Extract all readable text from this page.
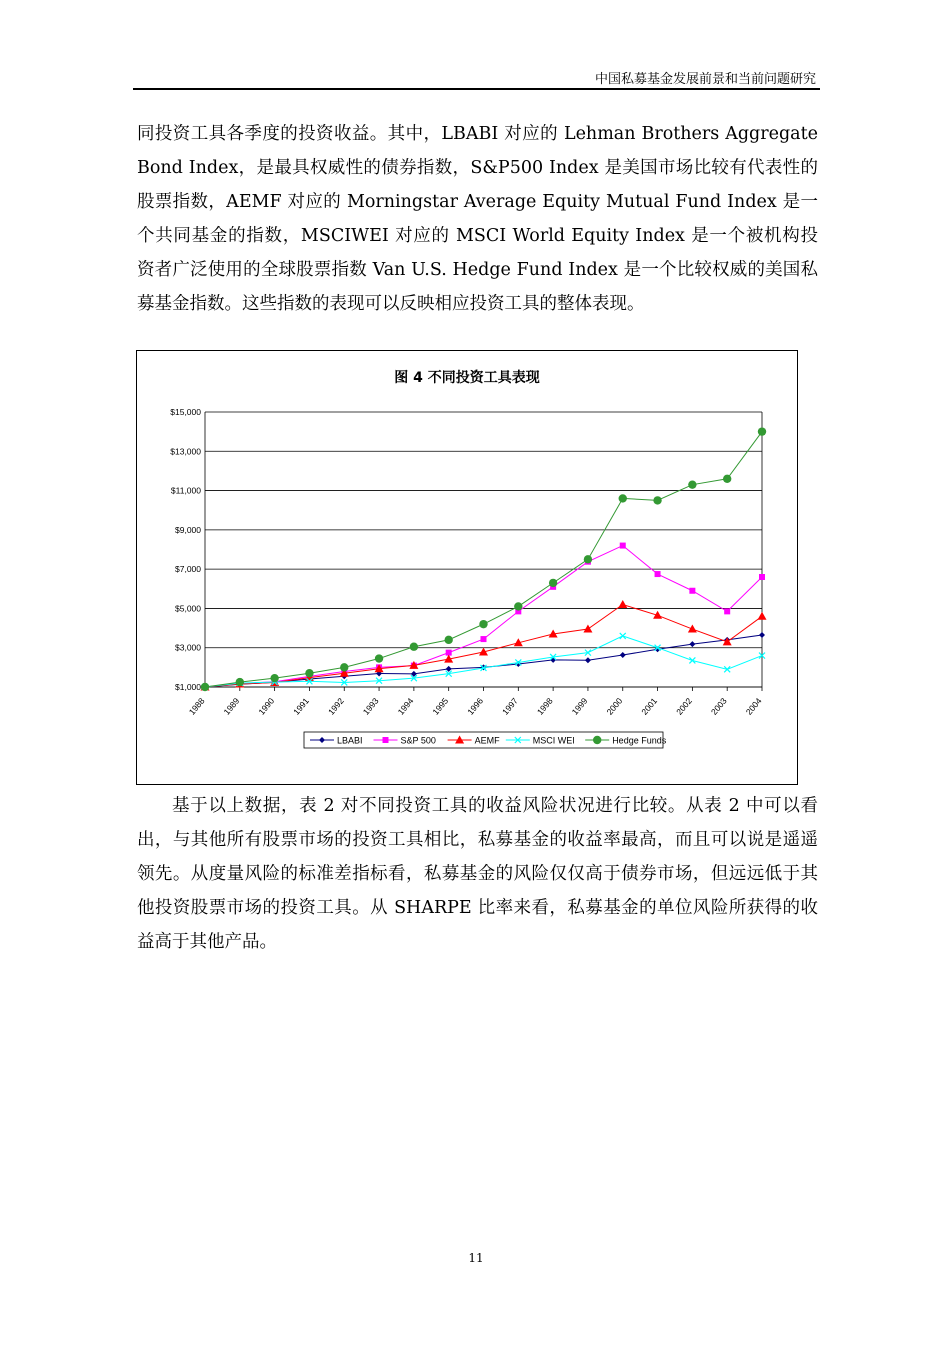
中国私募基金发展前景和当前问题研究

同投资工具各季度的投资收益。其中，LBABI 对应的 Lehman Brothers Aggregate Bond Index，是最具权威性的债券指数，S&P500 Index 是美国市场比较有代表性的股票指数，AEMF 对应的 Morningstar Average Equity Mutual Fund Index 是一个共同基金的指数，MSCIWEI 对应的 MSCI World Equity Index 是一个被机构投资者广泛使用的全球股票指数 Van U.S. Hedge Fund Index 是一个比较权威的美国私募基金指数。这些指数的表现可以反映相应投资工具的整体表现。

图 4 不同投资工具表现
$15,000
$13,000
$11,000
$9,000
$7,000
$5,000
$3,000
$1,000
1988 1989 1990 1991 1992 1993 1994 1995 1996 1997 1998 1999 2000 2001 2002 2003 2004
LBABI	S&P 500	AEMF	MSCI WEI	Hedge Funds

基于以上数据，表 2 对不同投资工具的收益风险状况进行比较。从表 2 中可以看出，与其他所有股票市场的投资工具相比，私募基金的收益率最高，而且可以说是遥遥领先。从度量风险的标准差指标看，私募基金的风险仅仅高于债券市场，但远远低于其他投资股票市场的投资工具。从 SHARPE 比率来看，私募基金的单位风险所获得的收益高于其他产品。

11
